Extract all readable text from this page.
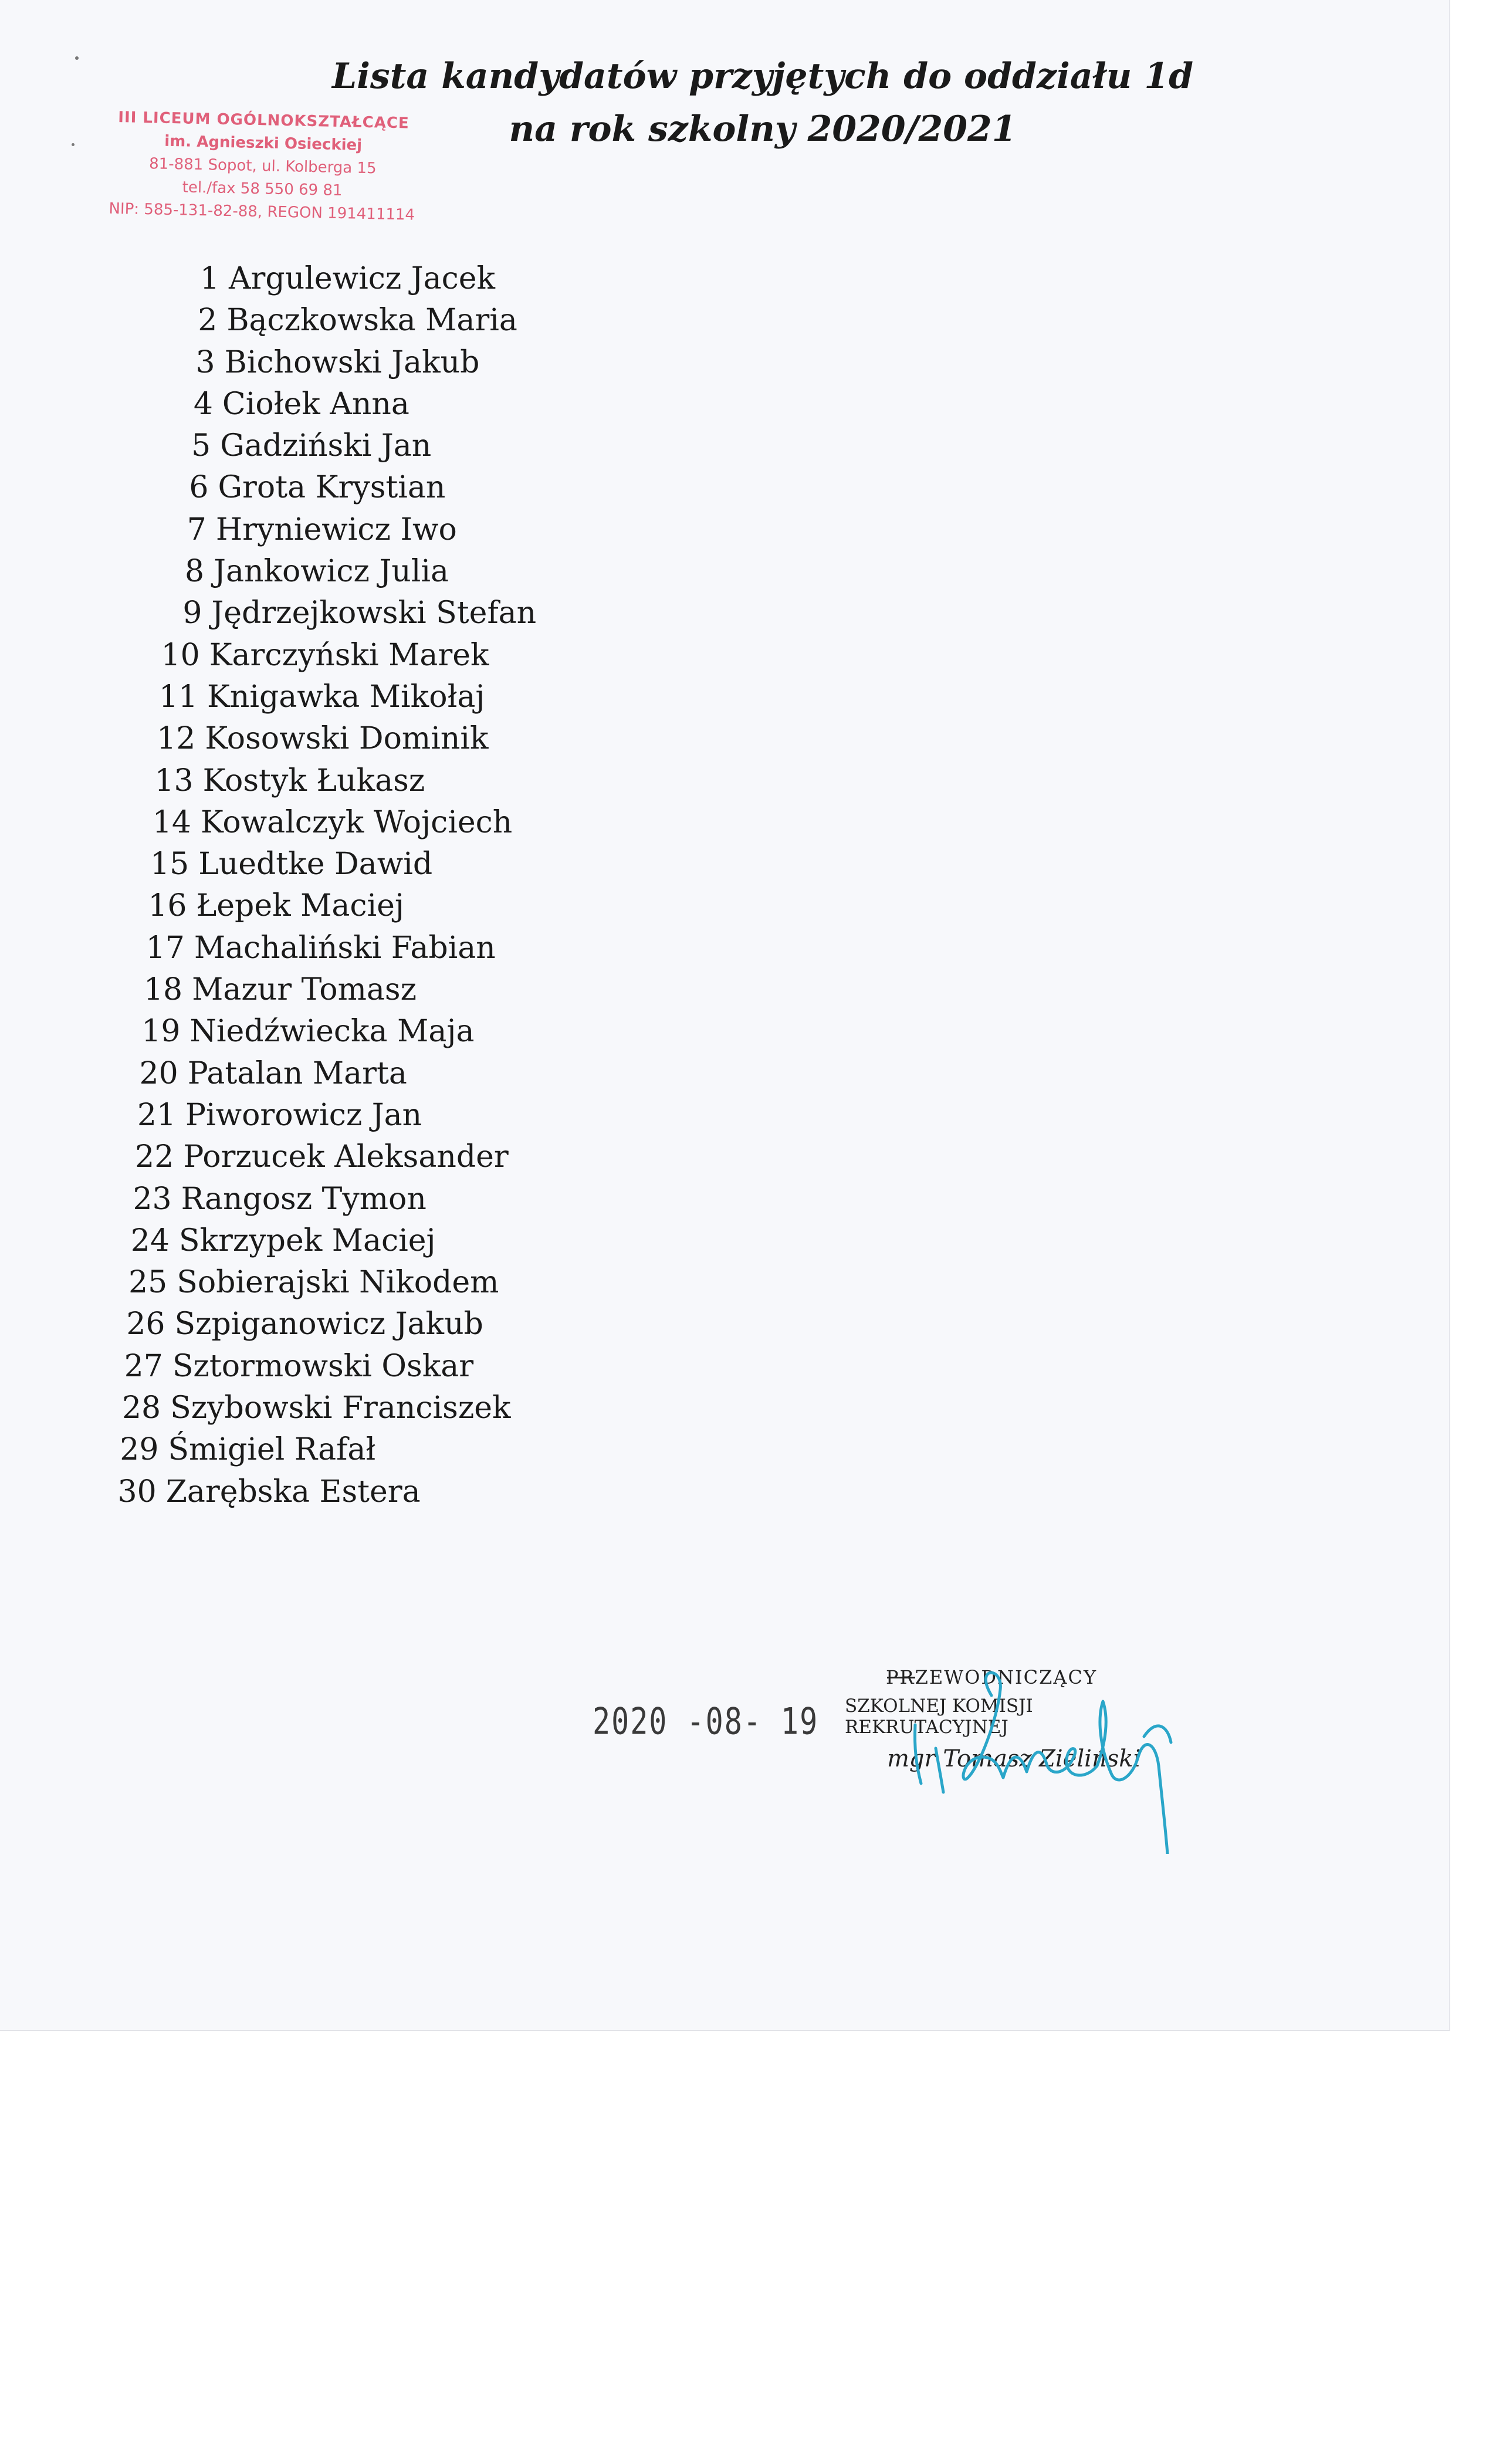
Lista kandydatów przyjętych do oddziału 1d
na rok szkolny 2020/2021
III LICEUM OGÓLNOKSZTAŁCĄCE
im. Agnieszki Osieckiej
81-881 Sopot, ul. Kolberga 15
tel./fax 58 550 69 81
NIP: 585-131-82-88, REGON 191411114
1 Argulewicz Jacek
2 Bączkowska Maria
3 Bichowski Jakub
4 Ciołek Anna
5 Gadziński Jan
6 Grota Krystian
7 Hryniewicz Iwo
8 Jankowicz Julia
9 Jędrzejkowski Stefan
10 Karczyński Marek
11 Knigawka Mikołaj
12 Kosowski Dominik
13 Kostyk Łukasz
14 Kowalczyk Wojciech
15 Luedtke Dawid
16 Łepek Maciej
17 Machaliński Fabian
18 Mazur Tomasz
19 Niedźwiecka Maja
20 Patalan Marta
21 Piworowicz Jan
22 Porzucek Aleksander
23 Rangosz Tymon
24 Skrzypek Maciej
25 Sobierajski Nikodem
26 Szpiganowicz Jakub
27 Sztormowski Oskar
28 Szybowski Franciszek
29 Śmigiel Rafał
30 Zarębska Estera
2020 -08- 19
PRZEWODNICZĄCY
SZKOLNEJ KOMISJI REKRUTACYJNEJ
mgr Tomasz Zieliński
